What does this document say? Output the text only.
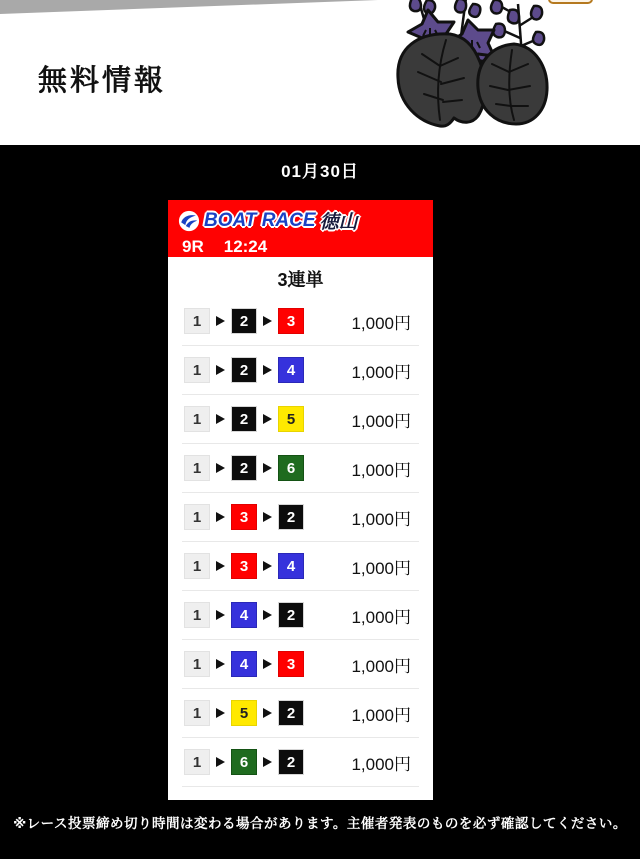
無料情報
01月30日
BOAT RACE 徳山
9R 12:24
3連単
1	2	3	1,000円
1	2	4	1,000円
1	2	5	1,000円
1	2	6	1,000円
1	3	2	1,000円
1	3	4	1,000円
1	4	2	1,000円
1	4	3	1,000円
1	5	2	1,000円
1	6	2	1,000円
※レース投票締め切り時間は変わる場合があります。主催者発表のものを必ず確認してください。
